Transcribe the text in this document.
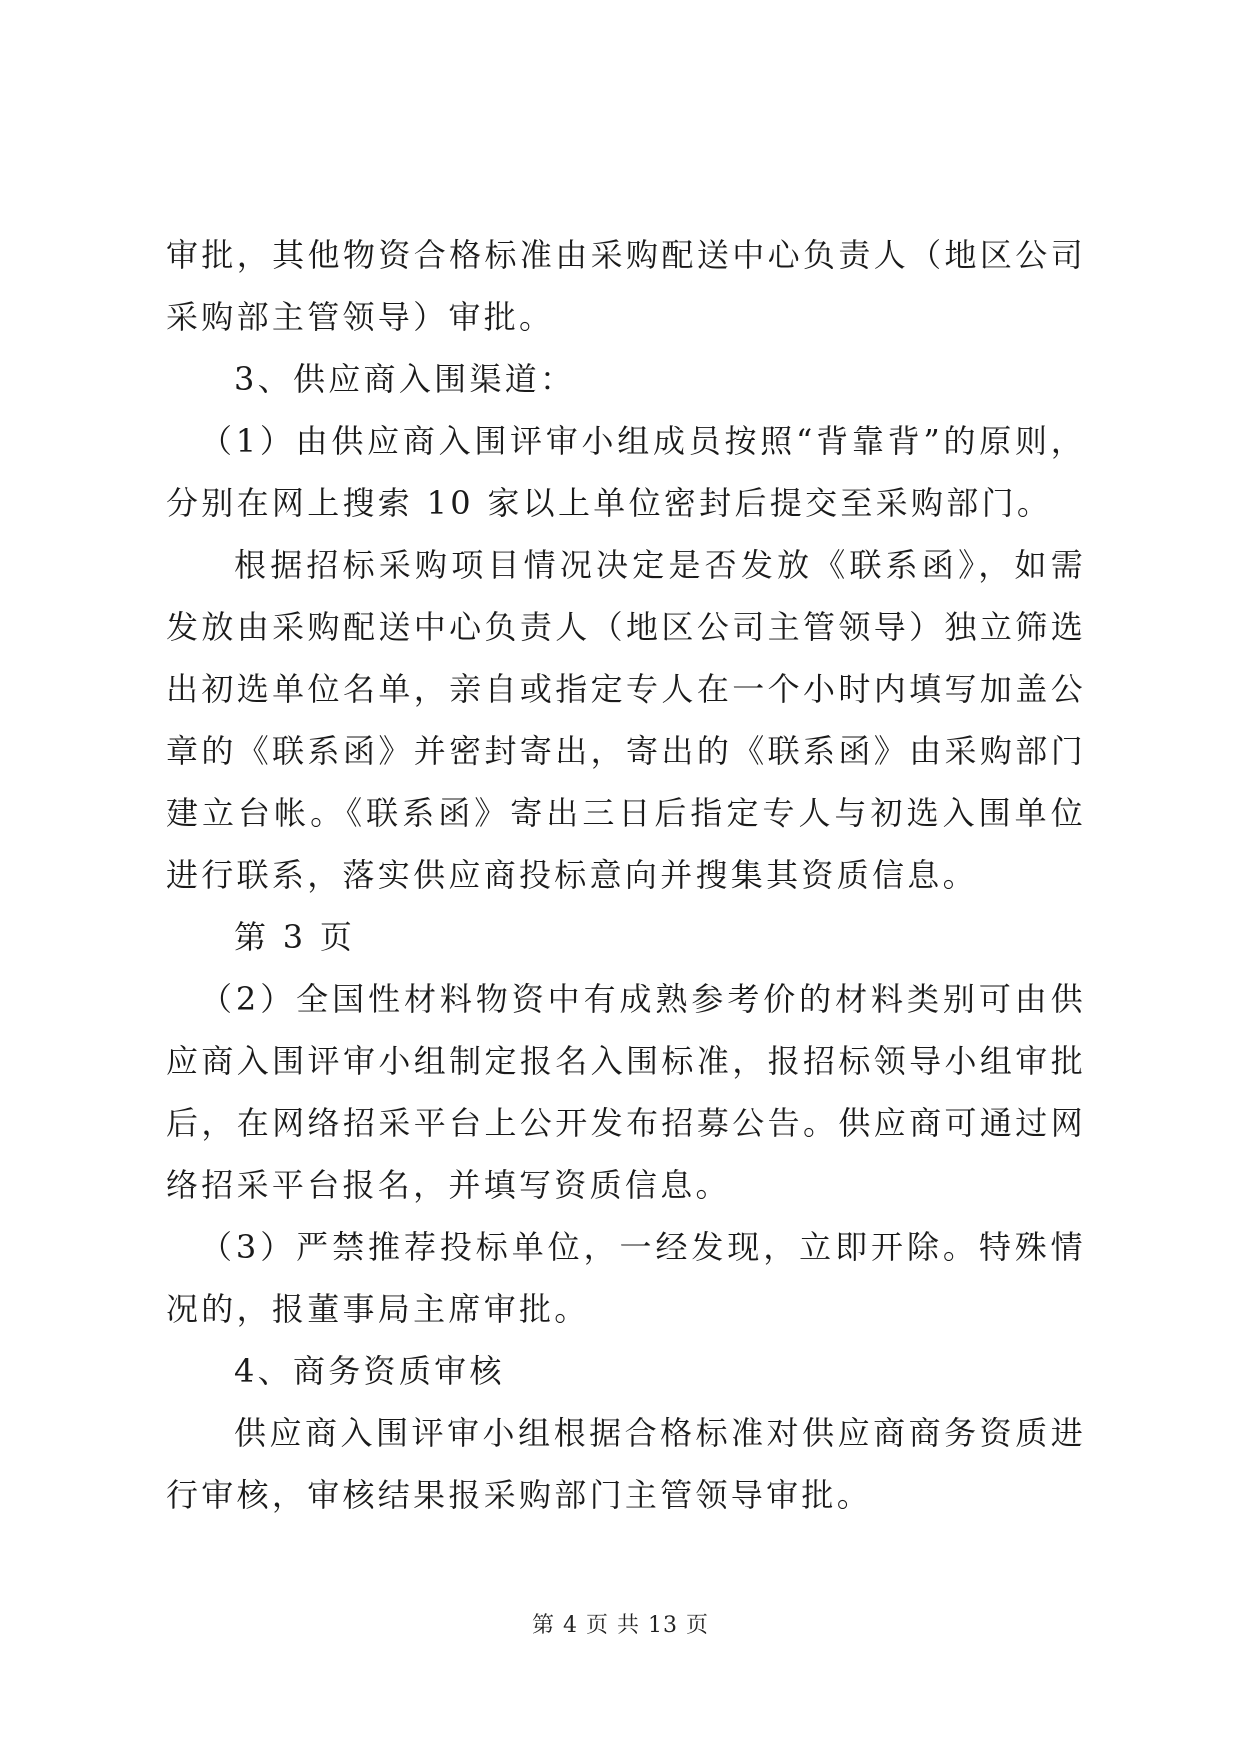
审批，其他物资合格标准由采购配送中心负责人（地区公司采购部主管领导）审批。

3、供应商入围渠道：

（1）由供应商入围评审小组成员按照“背靠背”的原则，分别在网上搜索 10 家以上单位密封后提交至采购部门。

根据招标采购项目情况决定是否发放《联系函》，如需发放由采购配送中心负责人（地区公司主管领导）独立筛选出初选单位名单，亲自或指定专人在一个小时内填写加盖公章的《联系函》并密封寄出，寄出的《联系函》由采购部门建立台帐。《联系函》寄出三日后指定专人与初选入围单位进行联系，落实供应商投标意向并搜集其资质信息。

第 3 页

（2）全国性材料物资中有成熟参考价的材料类别可由供应商入围评审小组制定报名入围标准，报招标领导小组审批后，在网络招采平台上公开发布招募公告。供应商可通过网络招采平台报名，并填写资质信息。

（3）严禁推荐投标单位，一经发现，立即开除。特殊情况的，报董事局主席审批。

4、商务资质审核

供应商入围评审小组根据合格标准对供应商商务资质进行审核，审核结果报采购部门主管领导审批。

第 4 页 共 13 页
